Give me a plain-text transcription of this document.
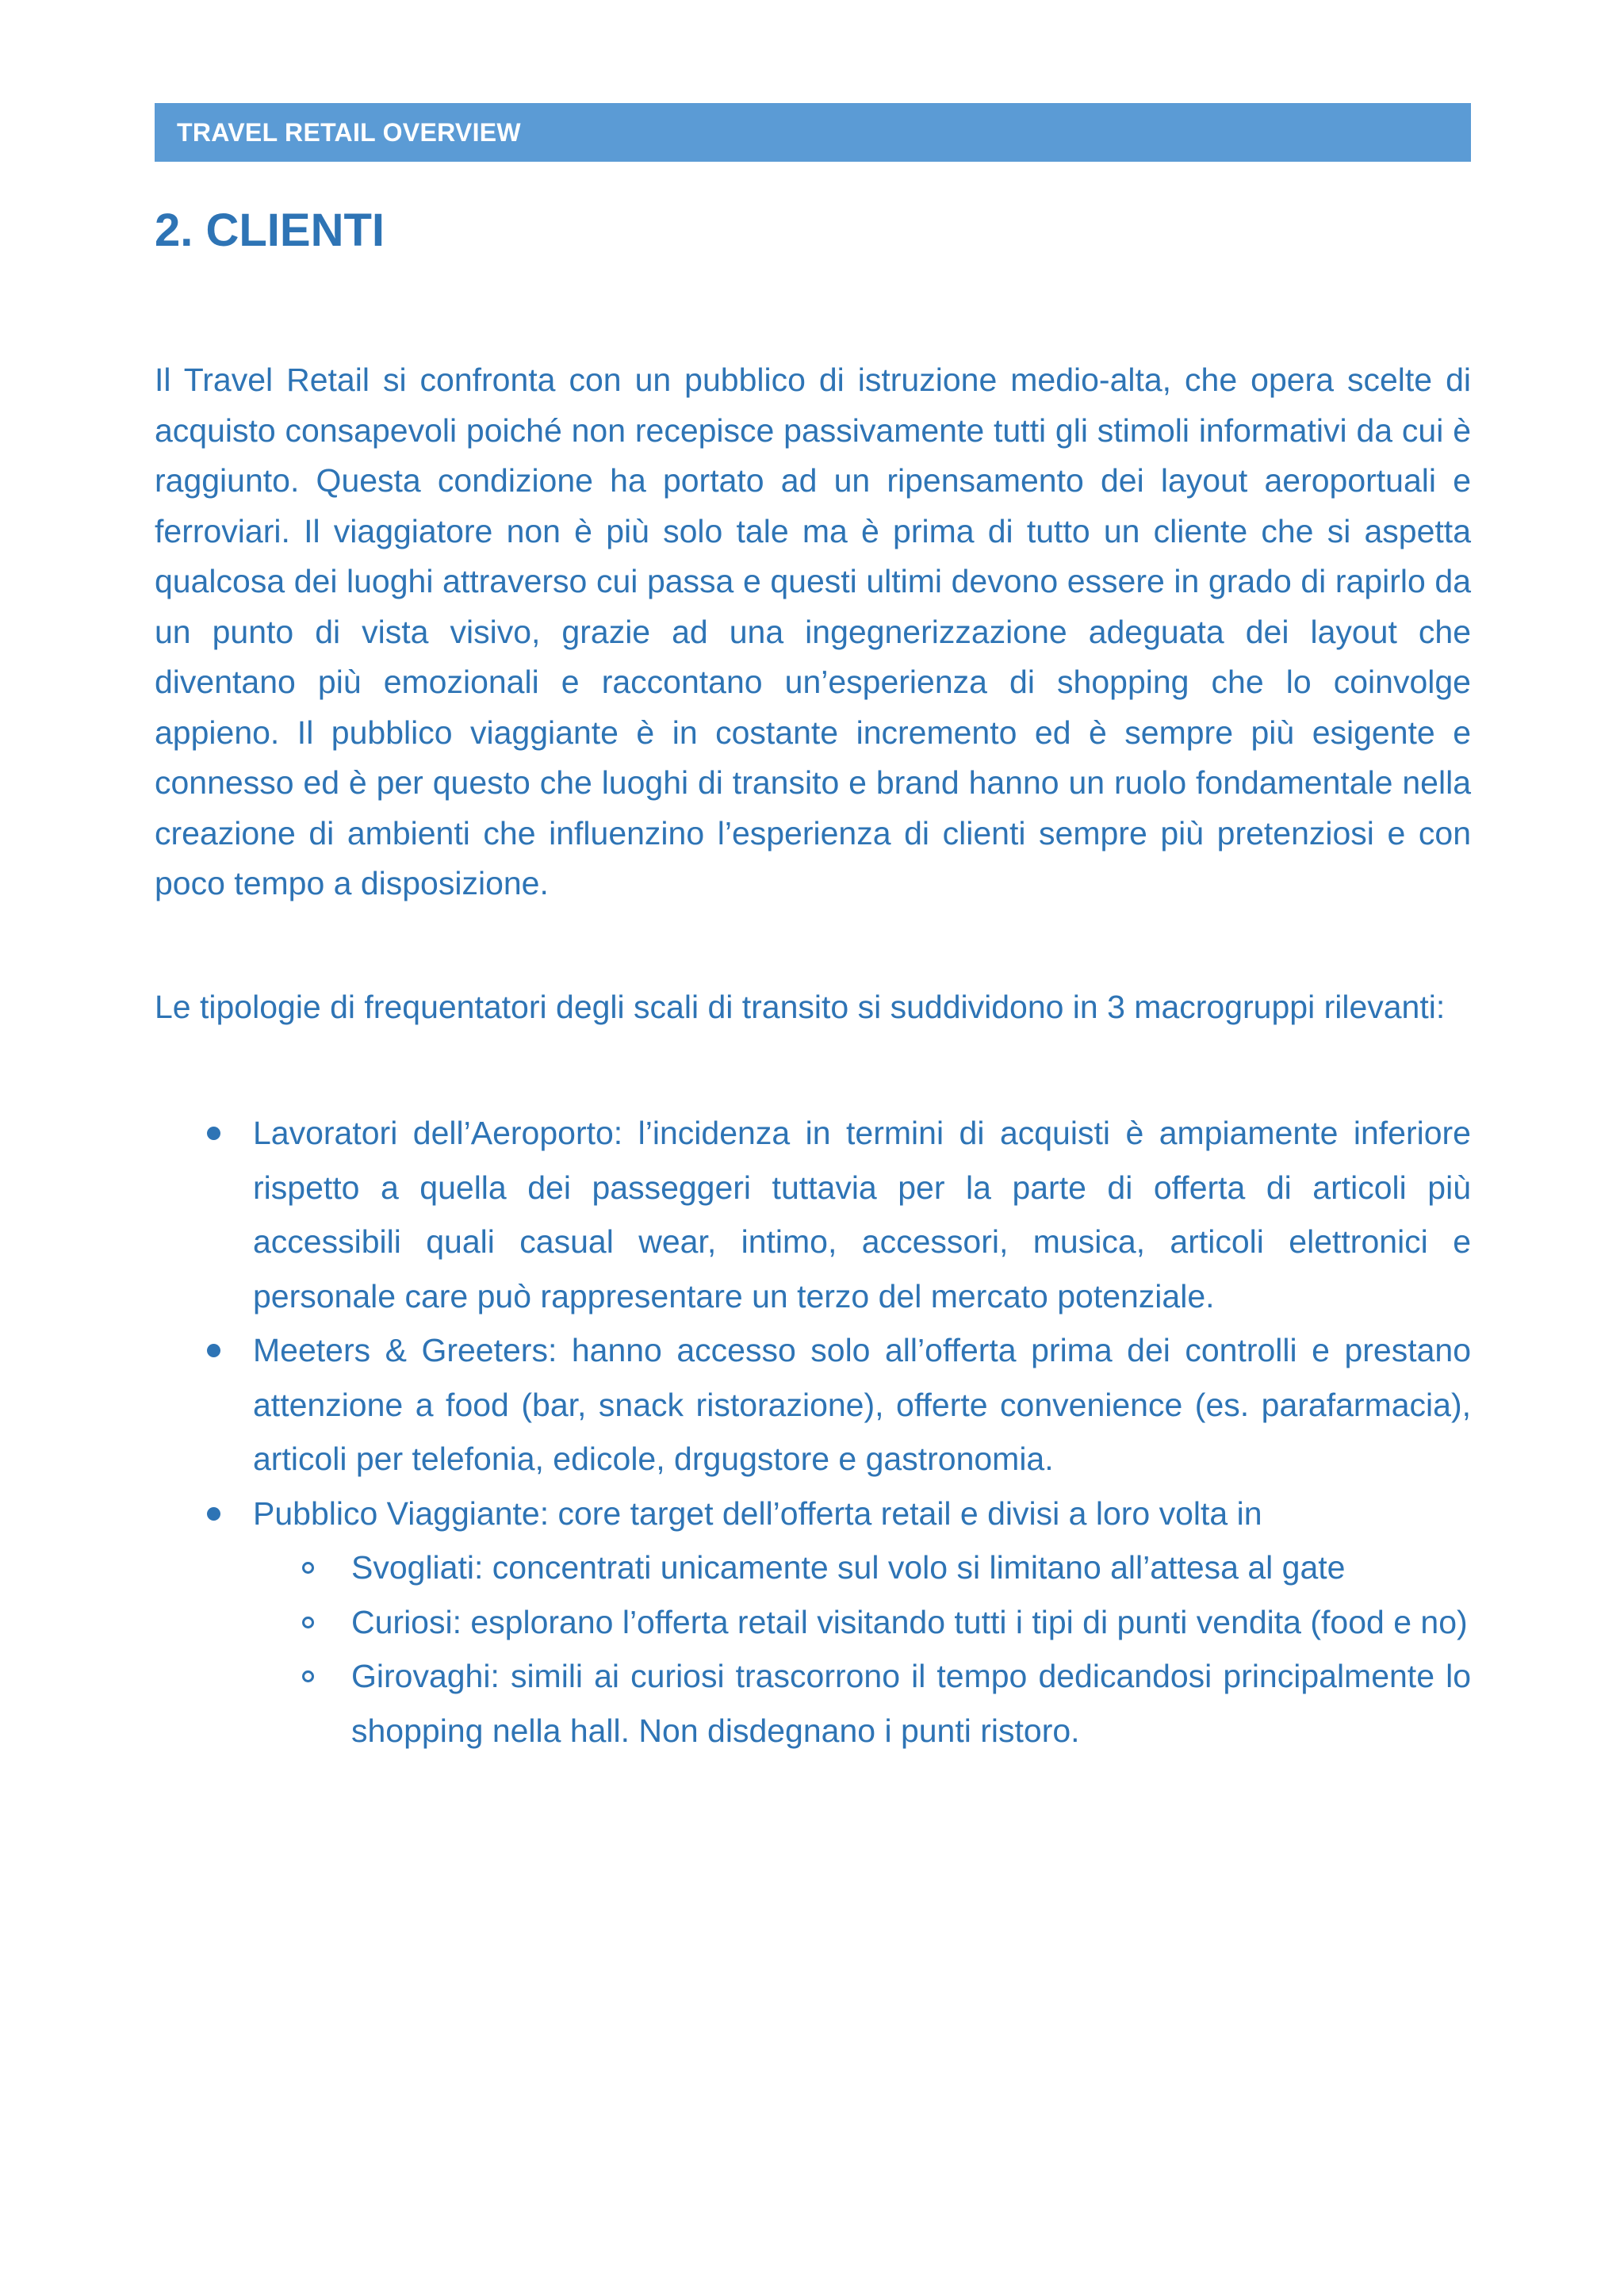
TRAVEL RETAIL OVERVIEW
2. CLIENTI

Il Travel Retail si confronta con un pubblico di istruzione medio-alta, che opera scelte di acquisto consapevoli poiché non recepisce passivamente tutti gli stimoli informativi da cui è raggiunto. Questa condizione ha portato ad un ripensamento dei layout aeroportuali e ferroviari. Il viaggiatore non è più solo tale ma è prima di tutto un cliente che si aspetta qualcosa dei luoghi attraverso cui passa e questi ultimi devono essere in grado di rapirlo da un punto di vista visivo, grazie ad una ingegnerizzazione adeguata dei layout che diventano più emozionali e raccontano un’esperienza di shopping che lo coinvolge appieno. Il pubblico viaggiante è in costante incremento ed è sempre più esigente e connesso ed è per questo che luoghi di transito e brand hanno un ruolo fondamentale nella creazione di ambienti che influenzino l’esperienza di clienti sempre più pretenziosi e con poco tempo a disposizione.

Le tipologie di frequentatori degli scali di transito si suddividono in 3 macrogruppi rilevanti:

Lavoratori dell’Aeroporto: l’incidenza in termini di acquisti è ampiamente inferiore rispetto a quella dei passeggeri tuttavia per la parte di offerta di articoli più accessibili quali casual wear, intimo, accessori, musica, articoli elettronici e personale care può rappresentare un terzo del mercato potenziale.
Meeters & Greeters: hanno accesso solo all’offerta prima dei controlli e prestano attenzione a food (bar, snack ristorazione), offerte convenience (es. parafarmacia), articoli per telefonia, edicole, drgugstore e gastronomia.
Pubblico Viaggiante: core target dell’offerta retail e divisi a loro volta in
Svogliati: concentrati unicamente sul volo si limitano all’attesa al gate
Curiosi: esplorano l’offerta retail visitando tutti i tipi di punti vendita (food e no)
Girovaghi: simili ai curiosi trascorrono il tempo dedicandosi principalmente lo shopping nella hall. Non disdegnano i punti ristoro.
